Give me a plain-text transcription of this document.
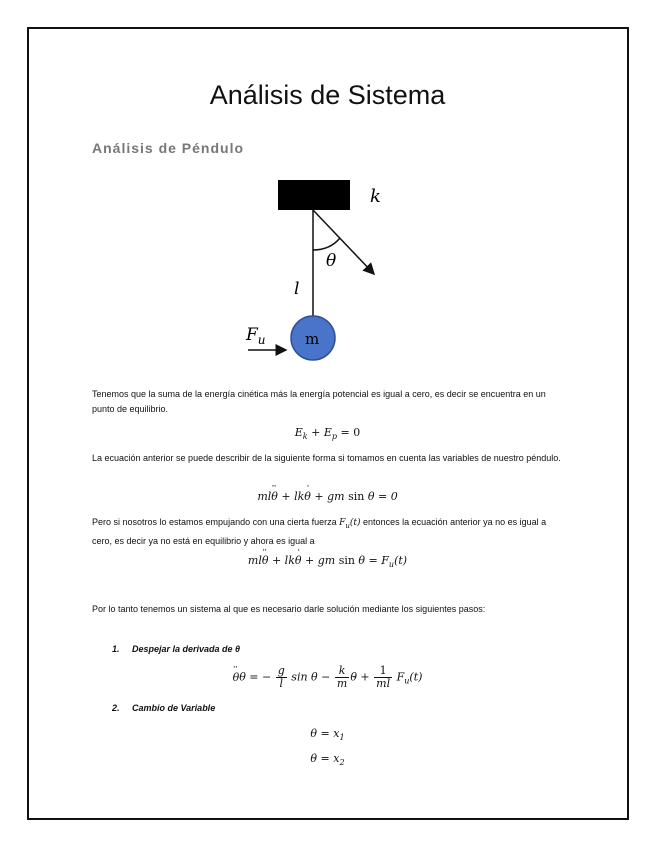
Análisis de Sistema
Análisis de Péndulo
k
θ
l
m
$F_u$

Tenemos que la suma de la energía cinética más la energía potencial es igual a cero, es decir se encuentra en un punto de equilibrio.

$E_k + E_p = 0$

La ecuación anterior se puede describir de la siguiente forma si tomamos en cuenta las variables de nuestro péndulo.

mlθ ¨ + lkθ ˙ + gm sin θ = 0

Pero si nosotros lo estamos empujando con una cierta fuerza $F_u(t)$ entonces la ecuación anterior ya no es igual a cero, es decir ya no está en equilibrio y ahora es igual a

mlθ ¨ + lkθ ˙ + gm $\sin \theta = F_u(t)$

Por lo tanto tenemos un sistema al que es necesario darle solución mediante los siguientes pasos:

1. Despejar la derivada de θ
θ ¨θ = − $\frac{g}{l}$ $\sin \theta - \frac{k}{m}$ $\theta + \frac{1}{ml} F_u(t)$
2. Cambio de Variable
$\theta = x_1$
$\theta = x_2$
